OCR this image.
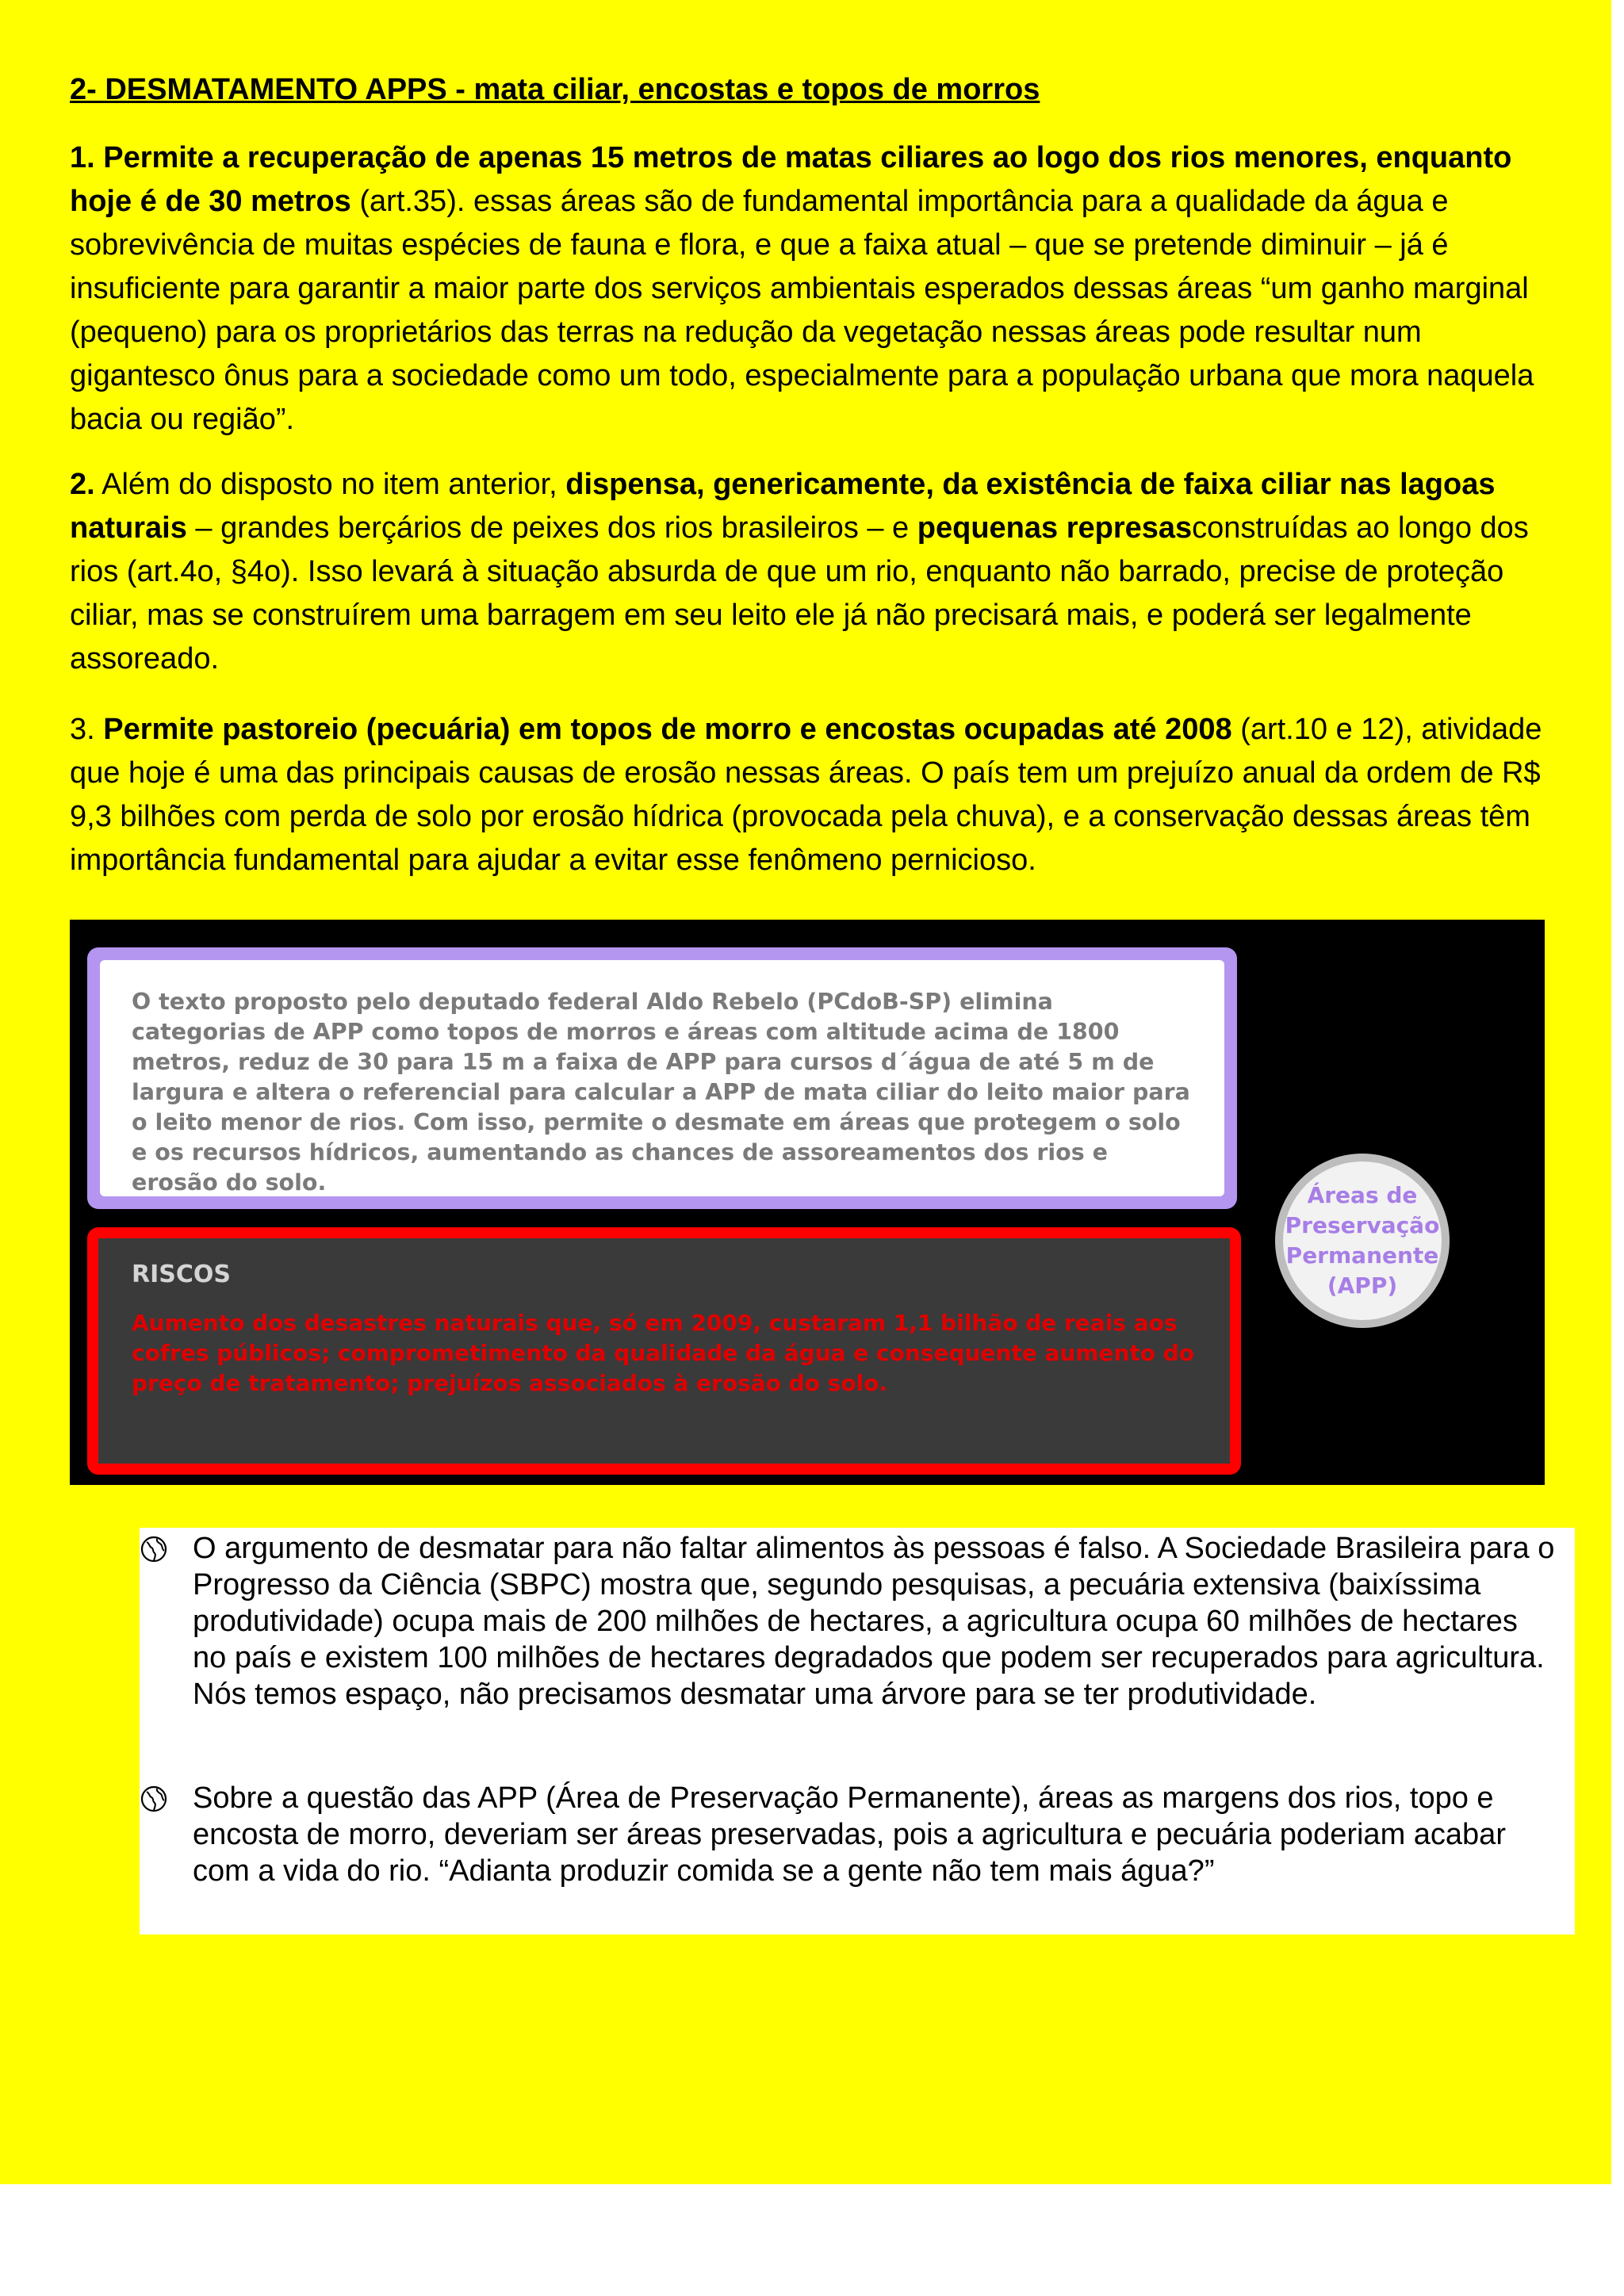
2- DESMATAMENTO APPS - mata ciliar, encostas e topos de morros
1. Permite a recuperação de apenas 15 metros de matas ciliares ao logo dos rios menores, enquanto hoje é de 30 metros (art.35). essas áreas são de fundamental importância para a qualidade da água e sobrevivência de muitas espécies de fauna e flora, e que a faixa atual – que se pretende diminuir – já é insuficiente para garantir a maior parte dos serviços ambientais esperados dessas áreas “um ganho marginal (pequeno) para os proprietários das terras na redução da vegetação nessas áreas pode resultar num gigantesco ônus para a sociedade como um todo, especialmente para a população urbana que mora naquela bacia ou região”.
2. Além do disposto no item anterior, dispensa, genericamente, da existência de faixa ciliar nas lagoas naturais – grandes berçários de peixes dos rios brasileiros – e pequenas represasconstruídas ao longo dos rios (art.4o, §4o). Isso levará à situação absurda de que um rio, enquanto não barrado, precise de proteção ciliar, mas se construírem uma barragem em seu leito ele já não precisará mais, e poderá ser legalmente assoreado.
3. Permite pastoreio (pecuária) em topos de morro e encostas ocupadas até 2008 (art.10 e 12), atividade que hoje é uma das principais causas de erosão nessas áreas. O país tem um prejuízo anual da ordem de R$ 9,3 bilhões com perda de solo por erosão hídrica (provocada pela chuva), e a conservação dessas áreas têm importância fundamental para ajudar a evitar esse fenômeno pernicioso.
O texto proposto pelo deputado federal Aldo Rebelo (PCdoB-SP) elimina categorias de APP como topos de morros e áreas com altitude acima de 1800 metros, reduz de 30 para 15 m a faixa de APP para cursos d´água de até 5 m de largura e altera o referencial para calcular a APP de mata ciliar do leito maior para o leito menor de rios. Com isso, permite o desmate em áreas que protegem o solo e os recursos hídricos, aumentando as chances de assoreamentos dos rios e erosão do solo.
RISCOS
Aumento dos desastres naturais que, só em 2009, custaram 1,1 bilhão de reais aos cofres públicos; comprometimento da qualidade da água e consequente aumento do preço de tratamento; prejuízos associados à erosão do solo.
Áreas de
Preservação
Permanente
(APP)
O argumento de desmatar para não faltar alimentos às pessoas é falso. A Sociedade Brasileira para o Progresso da Ciência (SBPC) mostra que, segundo pesquisas, a pecuária extensiva (baixíssima produtividade) ocupa mais de 200 milhões de hectares, a agricultura ocupa 60 milhões de hectares no país e existem 100 milhões de hectares degradados que podem ser recuperados para agricultura. Nós temos espaço, não precisamos desmatar uma árvore para se ter produtividade.
Sobre a questão das APP (Área de Preservação Permanente), áreas as margens dos rios, topo e encosta de morro, deveriam ser áreas preservadas, pois a agricultura e pecuária poderiam acabar com a vida do rio. “Adianta produzir comida se a gente não tem mais água?”
